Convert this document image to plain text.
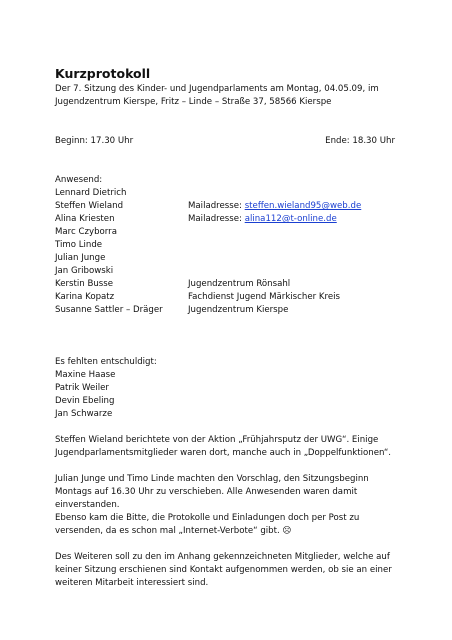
Kurzprotokoll
Der 7. Sitzung des Kinder- und Jugendparlaments am Montag, 04.05.09, im
Jugendzentrum Kierspe, Fritz – Linde – Straße 37, 58566 Kierspe
Beginn: 17.30 Uhr	Ende: 18.30 Uhr
Anwesend:
Lennard Dietrich
Steffen Wieland	Mailadresse: steffen.wieland95@web.de
Alina Kriesten	Mailadresse: alina112@t-online.de
Marc Czyborra
Timo Linde
Julian Junge
Jan Gribowski
Kerstin Busse	Jugendzentrum Rönsahl
Karina Kopatz	Fachdienst Jugend Märkischer Kreis
Susanne Sattler – Dräger	Jugendzentrum Kierspe
Es fehlten entschuldigt:
Maxine Haase
Patrik Weiler
Devin Ebeling
Jan Schwarze
Steffen Wieland berichtete von der Aktion „Frühjahrsputz der UWG“. Einige
Jugendparlamentsmitglieder waren dort, manche auch in „Doppelfunktionen“.
Julian Junge und Timo Linde machten den Vorschlag, den Sitzungsbeginn
Montags auf 16.30 Uhr zu verschieben. Alle Anwesenden waren damit
einverstanden.
Ebenso kam die Bitte, die Protokolle und Einladungen doch per Post zu
versenden, da es schon mal „Internet-Verbote“ gibt. ☹
Des Weiteren soll zu den im Anhang gekennzeichneten Mitglieder, welche auf
keiner Sitzung erschienen sind Kontakt aufgenommen werden, ob sie an einer
weiteren Mitarbeit interessiert sind.
